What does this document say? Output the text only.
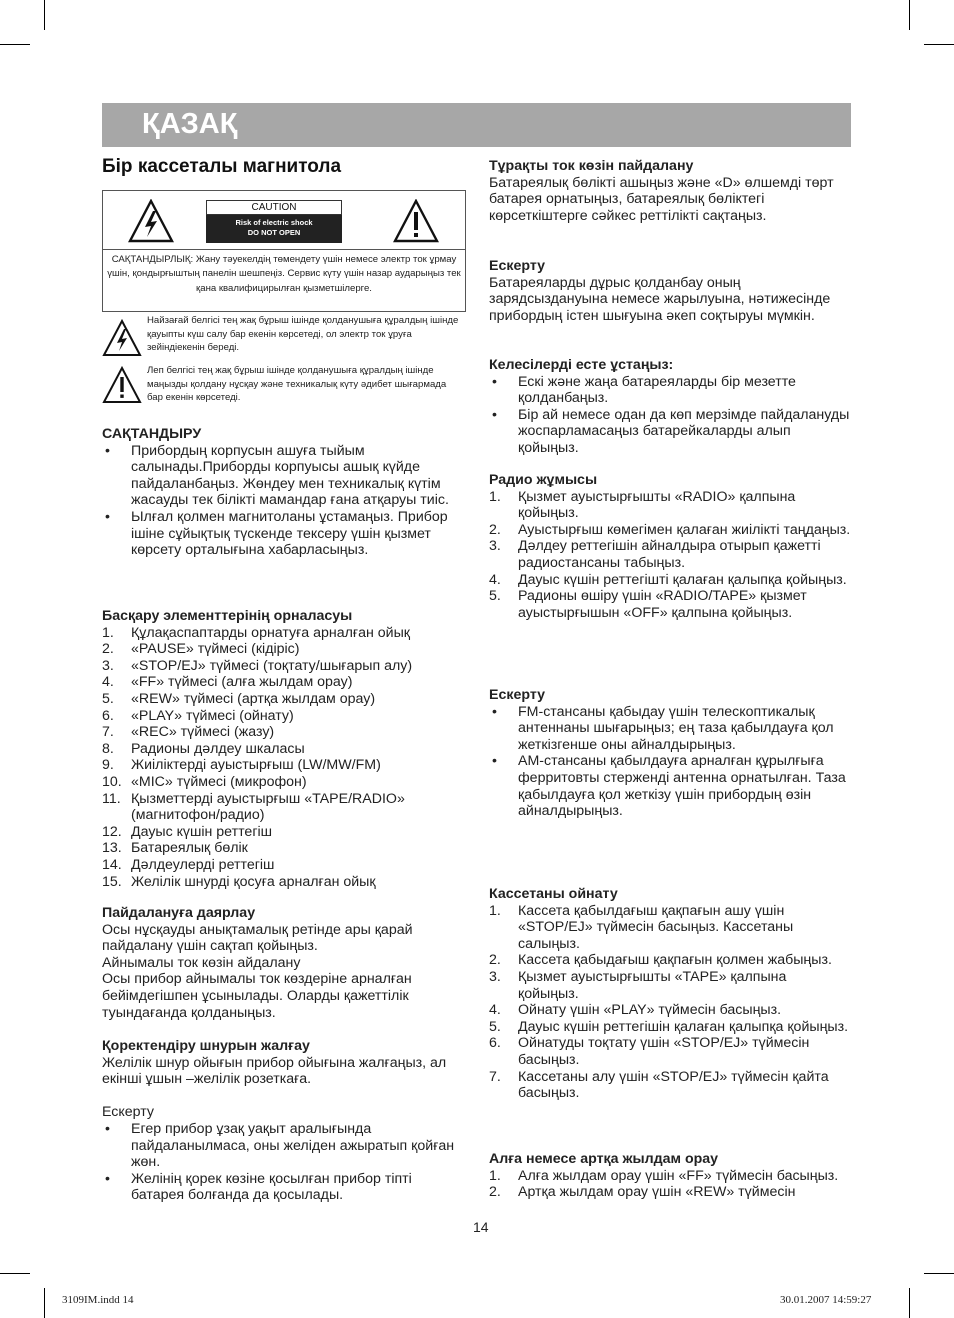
ҚАЗАҚ
Бір кассеталы магнитола
CAUTION
Risk of electric shock
DO NOT OPEN
САҚТАНДЫРЛЫҚ: Жану тәуекелдің төмендету үшін немесе электр ток ұрмау үшін, қондырғыштың панелін шешпеңіз. Сервис күту үшін назар аударыңыз тек қана квалифицирылған қызметшілерге.
Найзағай белгісі тең жақ бұрыш ішінде қолданушыға құралдың ішінде қауыпты күш салу бар екенін көрсетеді, ол электр ток ұруға зейіндіекенін береді.
Леп белгісі тең жақ бұрыш ішінде қолданушыға құралдың ішінде маңызды қолдану нұсқау және техникалық күту әдибет шығармада бар екенін көрсетеді.
САҚТАНДЫРУ
• Прибордың корпусын ашуға тыйым салынады.Приборды корпуысы ашық күйде пайдаланбаңыз. Жөндеу мен техникалық күтім жасауды тек білікті мамандар ғана атқаруы тиіс.
• Ылғал қолмен магнитоланы ұстамаңыз. Прибор ішіне сұйықтық түскенде тексеру үшін қызмет көрсету орталығына хабарласыңыз.
Басқару элементтерінің орналасуы
1. Құлақаспаптарды орнатуға арналған ойық
2. «PAUSE» түймесі (кідіріс)
3. «STOP/EJ» түймесі (тоқтату/шығарып алу)
4. «FF» түймесі (алға жылдам орау)
5. «REW» түймесі (артқа жылдам орау)
6. «PLAY» түймесі (ойнату)
7. «REC» түймесі (жазу)
8. Радионы дәлдеу шкаласы
9. Жиіліктерді ауыстырғыш (LW/MW/FM)
10. «MIC» түймесі (микрофон)
11. Қызметтерді ауыстырғыш «TAPE/RADIO» (магнитофон/радио)
12. Дауыс күшін реттегіш
13. Батареялық бөлік
14. Дәлдеулерді реттегіш
15. Желілік шнурді қосуға арналған ойық
Пайдалануға даярлау
Осы нұсқауды анықтамалық ретінде ары қарай пайдалану үшін сақтап қойыңыз.
Айнымалы ток көзін айдалану
Осы прибор айнымалы ток көздеріне арналған бейімдегішпен ұсынылады. Оларды қажеттілік туындағанда қолданыңыз.
Қоректендіру шнурын жалғау
Желілік шнур ойығын прибор ойығына жалғаңыз, ал екінші ұшын –желілік розеткаға.
Ескерту
• Егер прибор ұзақ уақыт аралығында пайдаланылмаса, оны желіден ажыратып қойған жөн.
• Желінің қорек көзіне қосылған прибор тіпті батарея болғанда да қосылады.
Тұрақты ток көзін пайдалану
Батареялық бөлікті ашыңыз және «D» өлшемді төрт батарея орнатыңыз, батареялық бөліктегі көрсеткіштерге сәйкес реттілікті сақтаңыз.
Ескерту
Батареяларды дұрыс қолданбау оның зарядсыздануына немесе жарылуына, нәтижесінде прибордың істен шығуына әкеп соқтыруы мүмкін.
Келесілерді есте ұстаңыз:
• Ескі және жаңа батареяларды бір мезетте қолданбаңыз.
• Бір ай немесе одан да көп мерзімде пайдалануды жоспарламасаңыз батарейкаларды алып қойыңыз.
Радио жұмысы
1. Қызмет ауыстырғышты «RADIO» қалпына қойыңыз.
2. Ауыстырғыш көмегімен қалаған жиілікті таңдаңыз.
3. Дәлдеу реттегішін айналдыра отырып қажетті радиостансаны табыңыз.
4. Дауыс күшін реттегішті қалаған қалыпқа қойыңыз.
5. Радионы өшіру үшін «RADIO/TAPE» қызмет ауыстырғышын «OFF» қалпына қойыңыз.
Ескерту
• FM-стансаны қабыдау үшін телескоптикалық антеннаны шығарыңыз; ең таза қабылдауға қол жеткізгенше оны айналдырыңыз.
• AM-стансаны қабылдауға арналған құрылғыға ферритовты стерженді антенна орнатылған. Таза қабылдауға қол жеткізу үшін прибордың өзін айналдырыңыз.
Кассетаны ойнату
1. Кассета қабылдағыш қақпағын ашу үшін «STOP/EJ» түймесін басыңыз. Кассетаны салыңыз.
2. Кассета қабыдағыш қақпағын қолмен жабыңыз.
3. Қызмет ауыстырғышты «TAPE» қалпына қойыңыз.
4. Ойнату үшін «PLAY» түймесін басыңыз.
5. Дауыс күшін реттегішін қалаған қалыпқа қойыңыз.
6. Ойнатуды тоқтату үшін «STOP/EJ» түймесін басыңыз.
7. Кассетаны алу үшін «STOP/EJ» түймесін қайта басыңыз.
Алға немесе артқа жылдам орау
1. Алға жылдам орау үшін «FF» түймесін басыңыз.
2. Артқа жылдам орау үшін «REW» түймесін
14
3109IM.indd 14	30.01.2007 14:59:27
